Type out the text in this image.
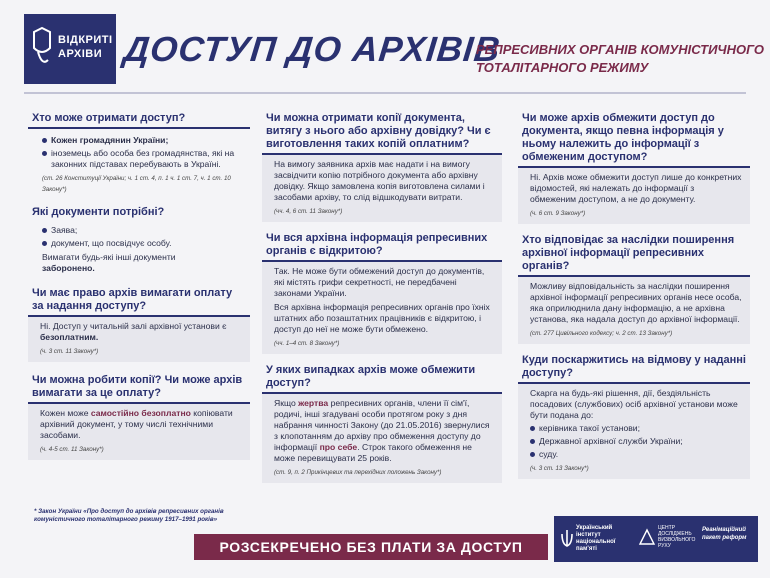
ВІДКРИТІ
АРХІВИ ДОСТУП ДО АРХІВІВ
РЕПРЕСИВНИХ ОРГАНІВ КОМУНІСТИЧНОГО
ТОТАЛІТАРНОГО РЕЖИМУ
Хто може отримати доступ?
Кожен громадянин України;
іноземець або особа без громадянства, які на законних підставах перебувають в Україні.
(ст. 26 Конституції України; ч. 1 ст. 4, п. 1 ч. 1 ст. 7, ч. 1 ст. 10 Закону*)
Які документи потрібні?
Заява;
документ, що посвідчує особу.
Вимагати будь-які інші документи
заборонено.
Чи має право архів вимагати оплату за надання доступу?
Ні. Доступ у читальній залі архівної установи є безоплатним.
(ч. 3 ст. 11 Закону*)
Чи можна робити копії? Чи може архів вимагати за це оплату?
Кожен може самостійно безоплатно копіювати архівний документ, у тому числі технічними засобами.
(ч. 4-5 ст. 11 Закону*)
Чи можна отримати копії документа, витягу з нього або архівну довідку? Чи є виготовлення таких копій оплатним?
На вимогу заявника архів має надати і на вимогу засвідчити копію потрібного документа або архівну довідку. Якщо замовлена копія виготовлена силами і засобами архіву, то слід відшкодувати витрати.
(чч. 4, 6 ст. 11 Закону*)
Чи вся архівна інформація репресивних органів є відкритою?
Так. Не може бути обмежений доступ до документів, які містять грифи секретності, не передбачені законами України.
Вся архівна інформація репресивних органів про їхніх штатних або позаштатних працівників є відкритою, і доступ до неї не може бути обмежено.
(чч. 1–4 ст. 8 Закону*)
У яких випадках архів може обмежити доступ?
Якщо жертва репресивних органів, члени її сім'ї, родичі, інші згадувані особи протягом року з дня набрання чинності Закону (до 21.05.2016) звернулися з клопотанням до архіву про обмеження доступу до інформації про себе. Строк такого обмеження не може перевищувати 25 років.
(ст. 9, п. 2 Прикінцевих та перехідних положень Закону*)
Чи може архів обмежити доступ до документа, якщо певна інформація у ньому належить до інформації з обмеженим доступом?
Ні. Архів може обмежити доступ лише до конкретних відомостей, які належать до інформації з обмеженим доступом, а не до документу.
(ч. 6 ст. 9 Закону*)
Хто відповідає за наслідки поширення архівної інформації репресивних органів?
Можливу відповідальність за наслідки поширення архівної інформації репресивних органів несе особа, яка оприлюднила дану інформацію, а не архівна установа, яка надала доступ до архівної інформації.
(ст. 277 Цивільного кодексу; ч. 2 ст. 13 Закону*)
Куди поскаржитись на відмову у наданні доступу?
Скарга на будь-які рішення, дії, бездіяльність посадових (службових) осіб архівної установи може бути подана до:
керівника такої установи;
Державної архівної служби України;
суду.
(ч. 3 ст. 13 Закону*)
* Закон України «Про доступ до архівів репресивних органів комуністичного тоталітарного режиму 1917–1991 років»
РОЗСЕКРЕЧЕНО БЕЗ ПЛАТИ ЗА ДОСТУП
Український інститут національної пам'яті
ЦЕНТР ДОСЛІДЖЕНЬ ВИЗВОЛЬНОГО РУХУ
Реанімаційний пакет реформ
